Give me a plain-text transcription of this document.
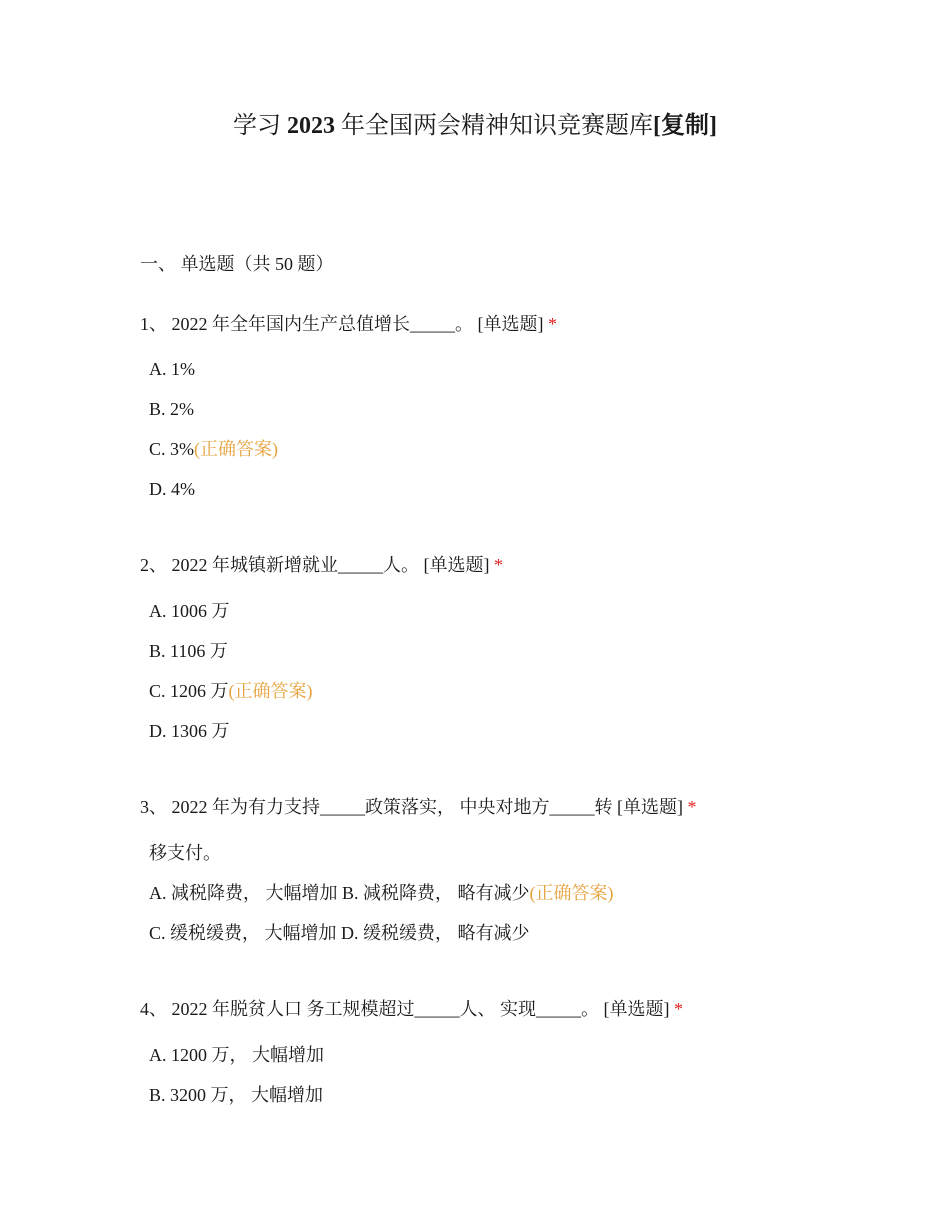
学习 2023 年全国两会精神知识竞赛题库[复制]
一、 单选题（共 50 题）
1、 2022 年全年国内生产总值增长_____。 [单选题] *
A. 1%
B. 2%
C. 3%(正确答案)
D. 4%
2、 2022 年城镇新增就业_____人。 [单选题] *
A. 1006 万
B. 1106 万
C. 1206 万(正确答案)
D. 1306 万
3、 2022 年为有力支持_____政策落实， 中央对地方_____转 [单选题] *
移支付。
A. 减税降费， 大幅增加 B. 减税降费， 略有减少(正确答案)
C. 缓税缓费， 大幅增加 D. 缓税缓费， 略有减少
4、 2022 年脱贫人口 务工规模超过_____人、 实现_____。 [单选题] *
A. 1200 万， 大幅增加
B. 3200 万， 大幅增加
